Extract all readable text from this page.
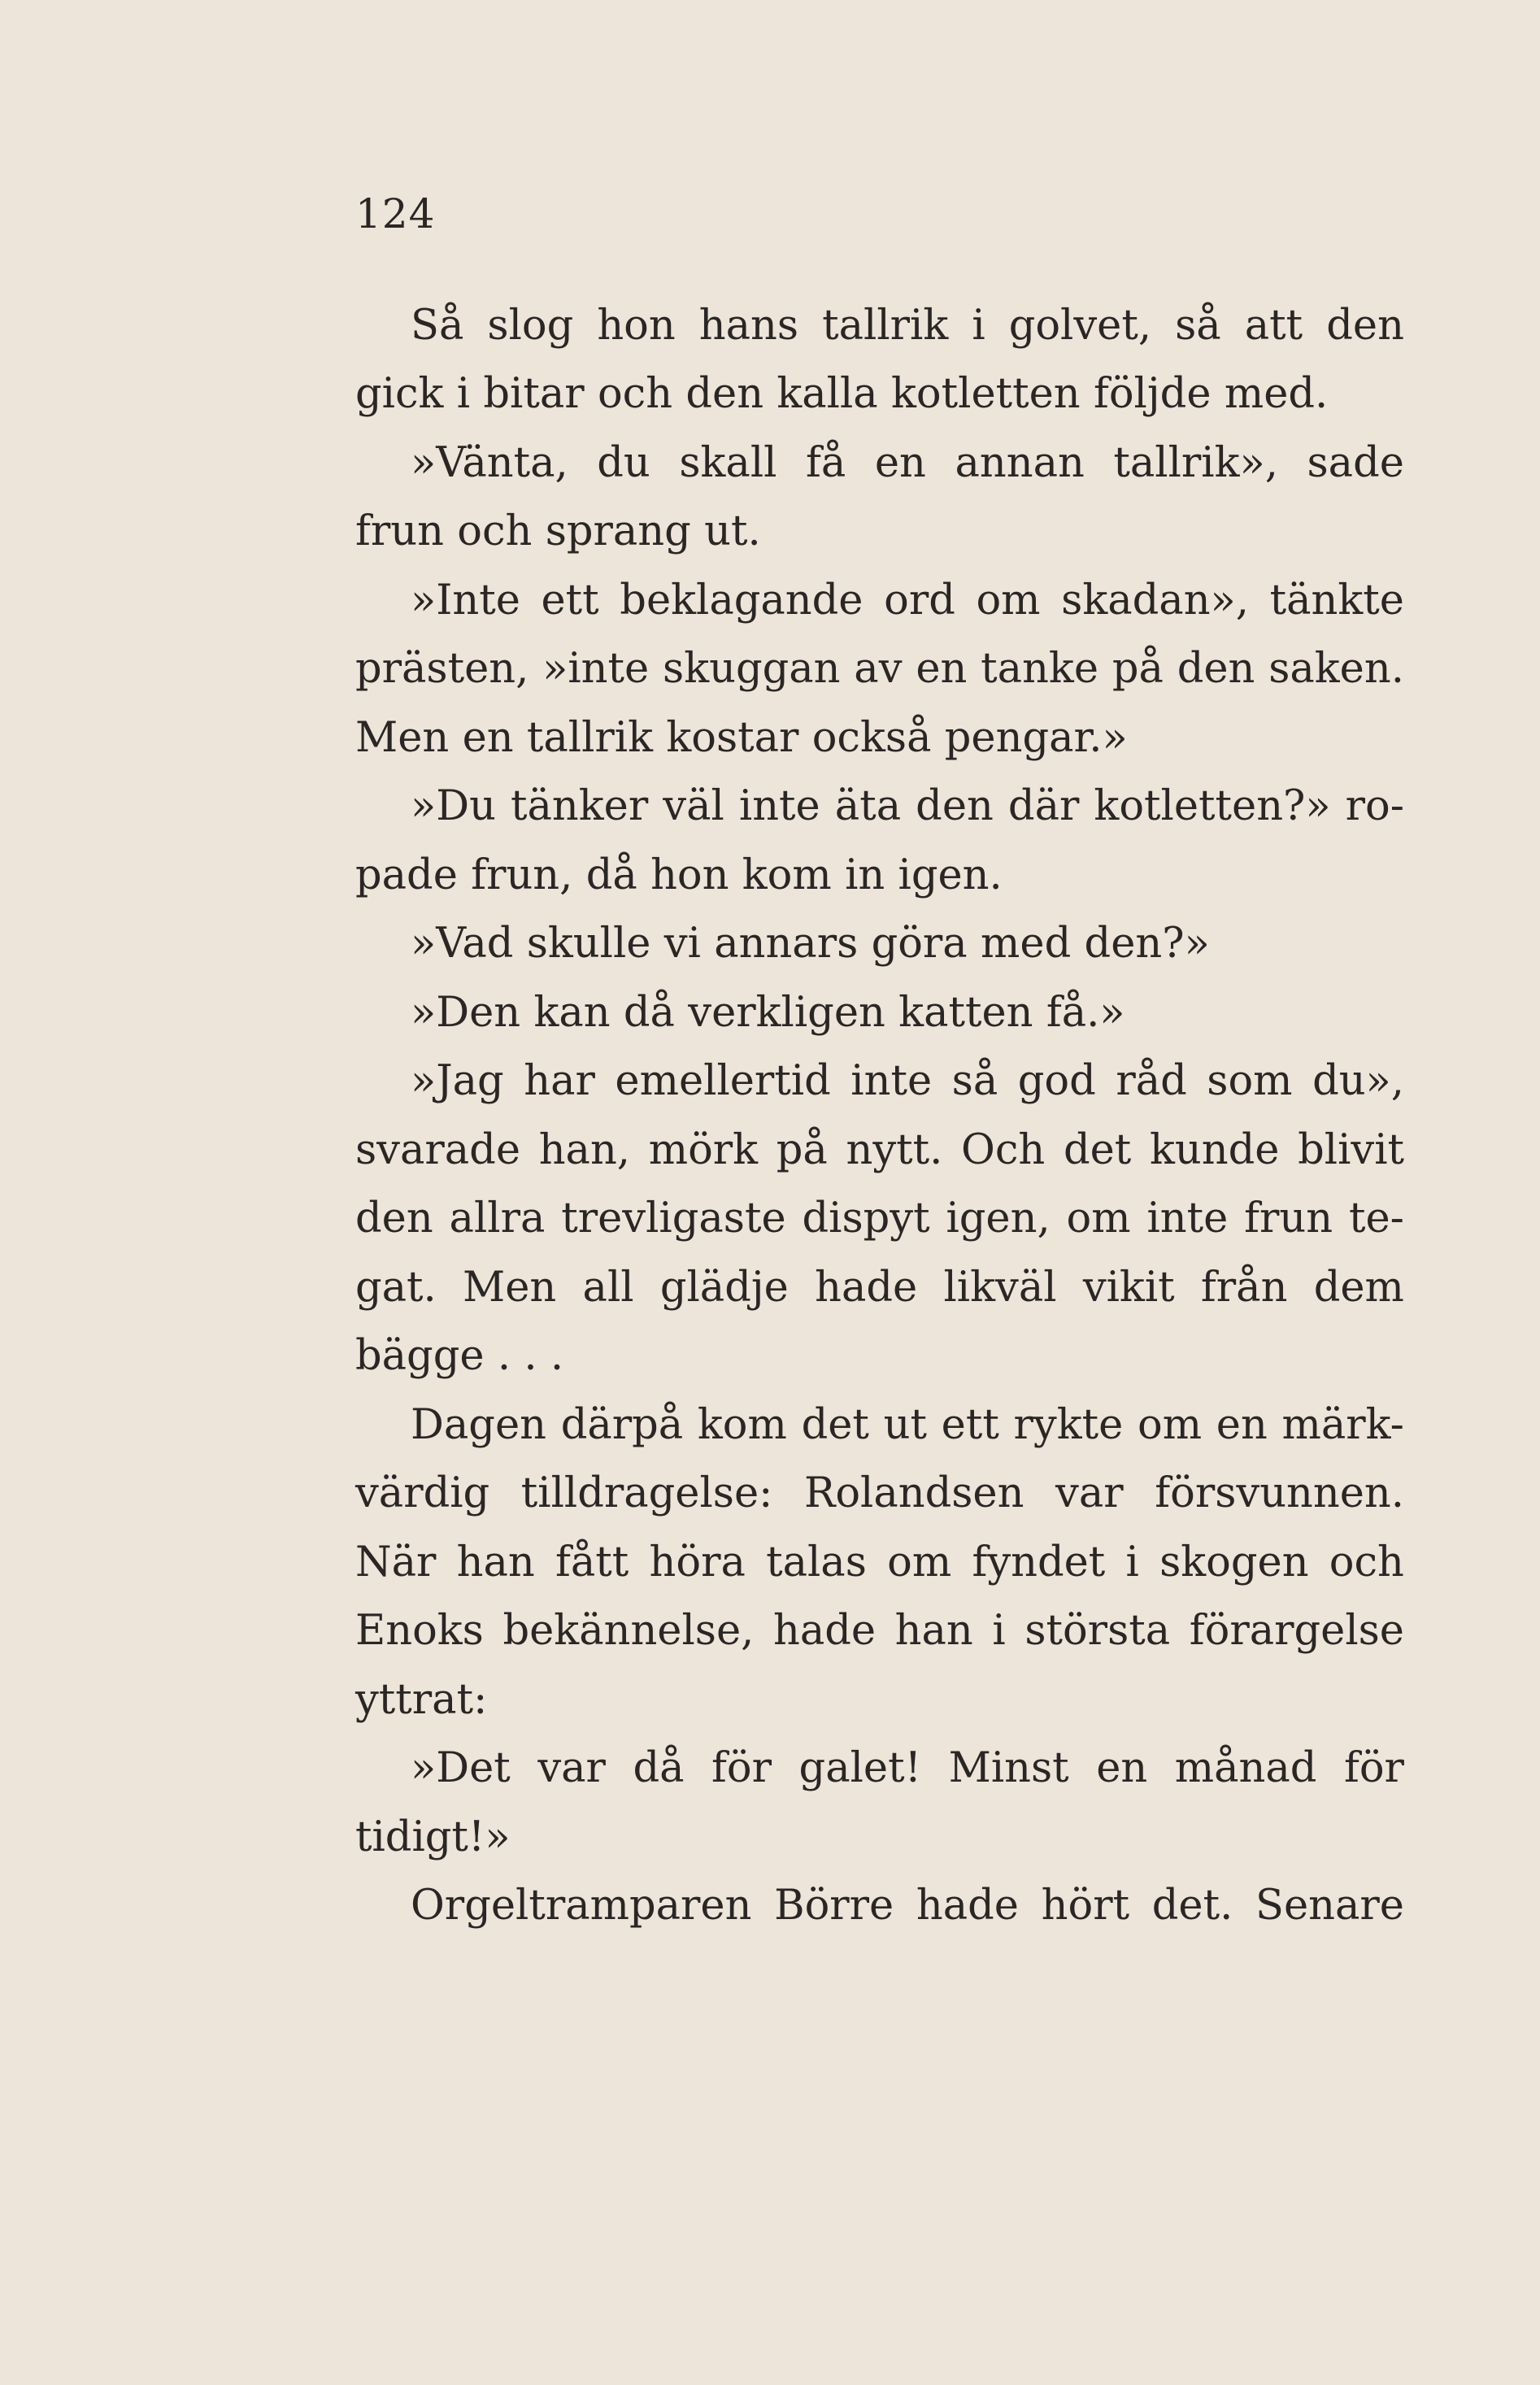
124
Så slog hon hans tallrik i golvet, så att den
gick i bitar och den kalla kotletten följde med.
»Vänta, du skall få en annan tallrik», sade
frun och sprang ut.
»Inte ett beklagande ord om skadan», tänkte
prästen, »inte skuggan av en tanke på den saken.
Men en tallrik kostar också pengar.»
»Du tänker väl inte äta den där kotletten?» ro-
pade frun, då hon kom in igen.
»Vad skulle vi annars göra med den?»
»Den kan då verkligen katten få.»
»Jag har emellertid inte så god råd som du»,
svarade han, mörk på nytt. Och det kunde blivit
den allra trevligaste dispyt igen, om inte frun te-
gat. Men all glädje hade likväl vikit från dem
bägge . . .
Dagen därpå kom det ut ett rykte om en märk-
värdig tilldragelse: Rolandsen var försvunnen.
När han fått höra talas om fyndet i skogen och
Enoks bekännelse, hade han i största förargelse
yttrat:
»Det var då för galet! Minst en månad för
tidigt!»
Orgeltramparen Börre hade hört det. Senare
